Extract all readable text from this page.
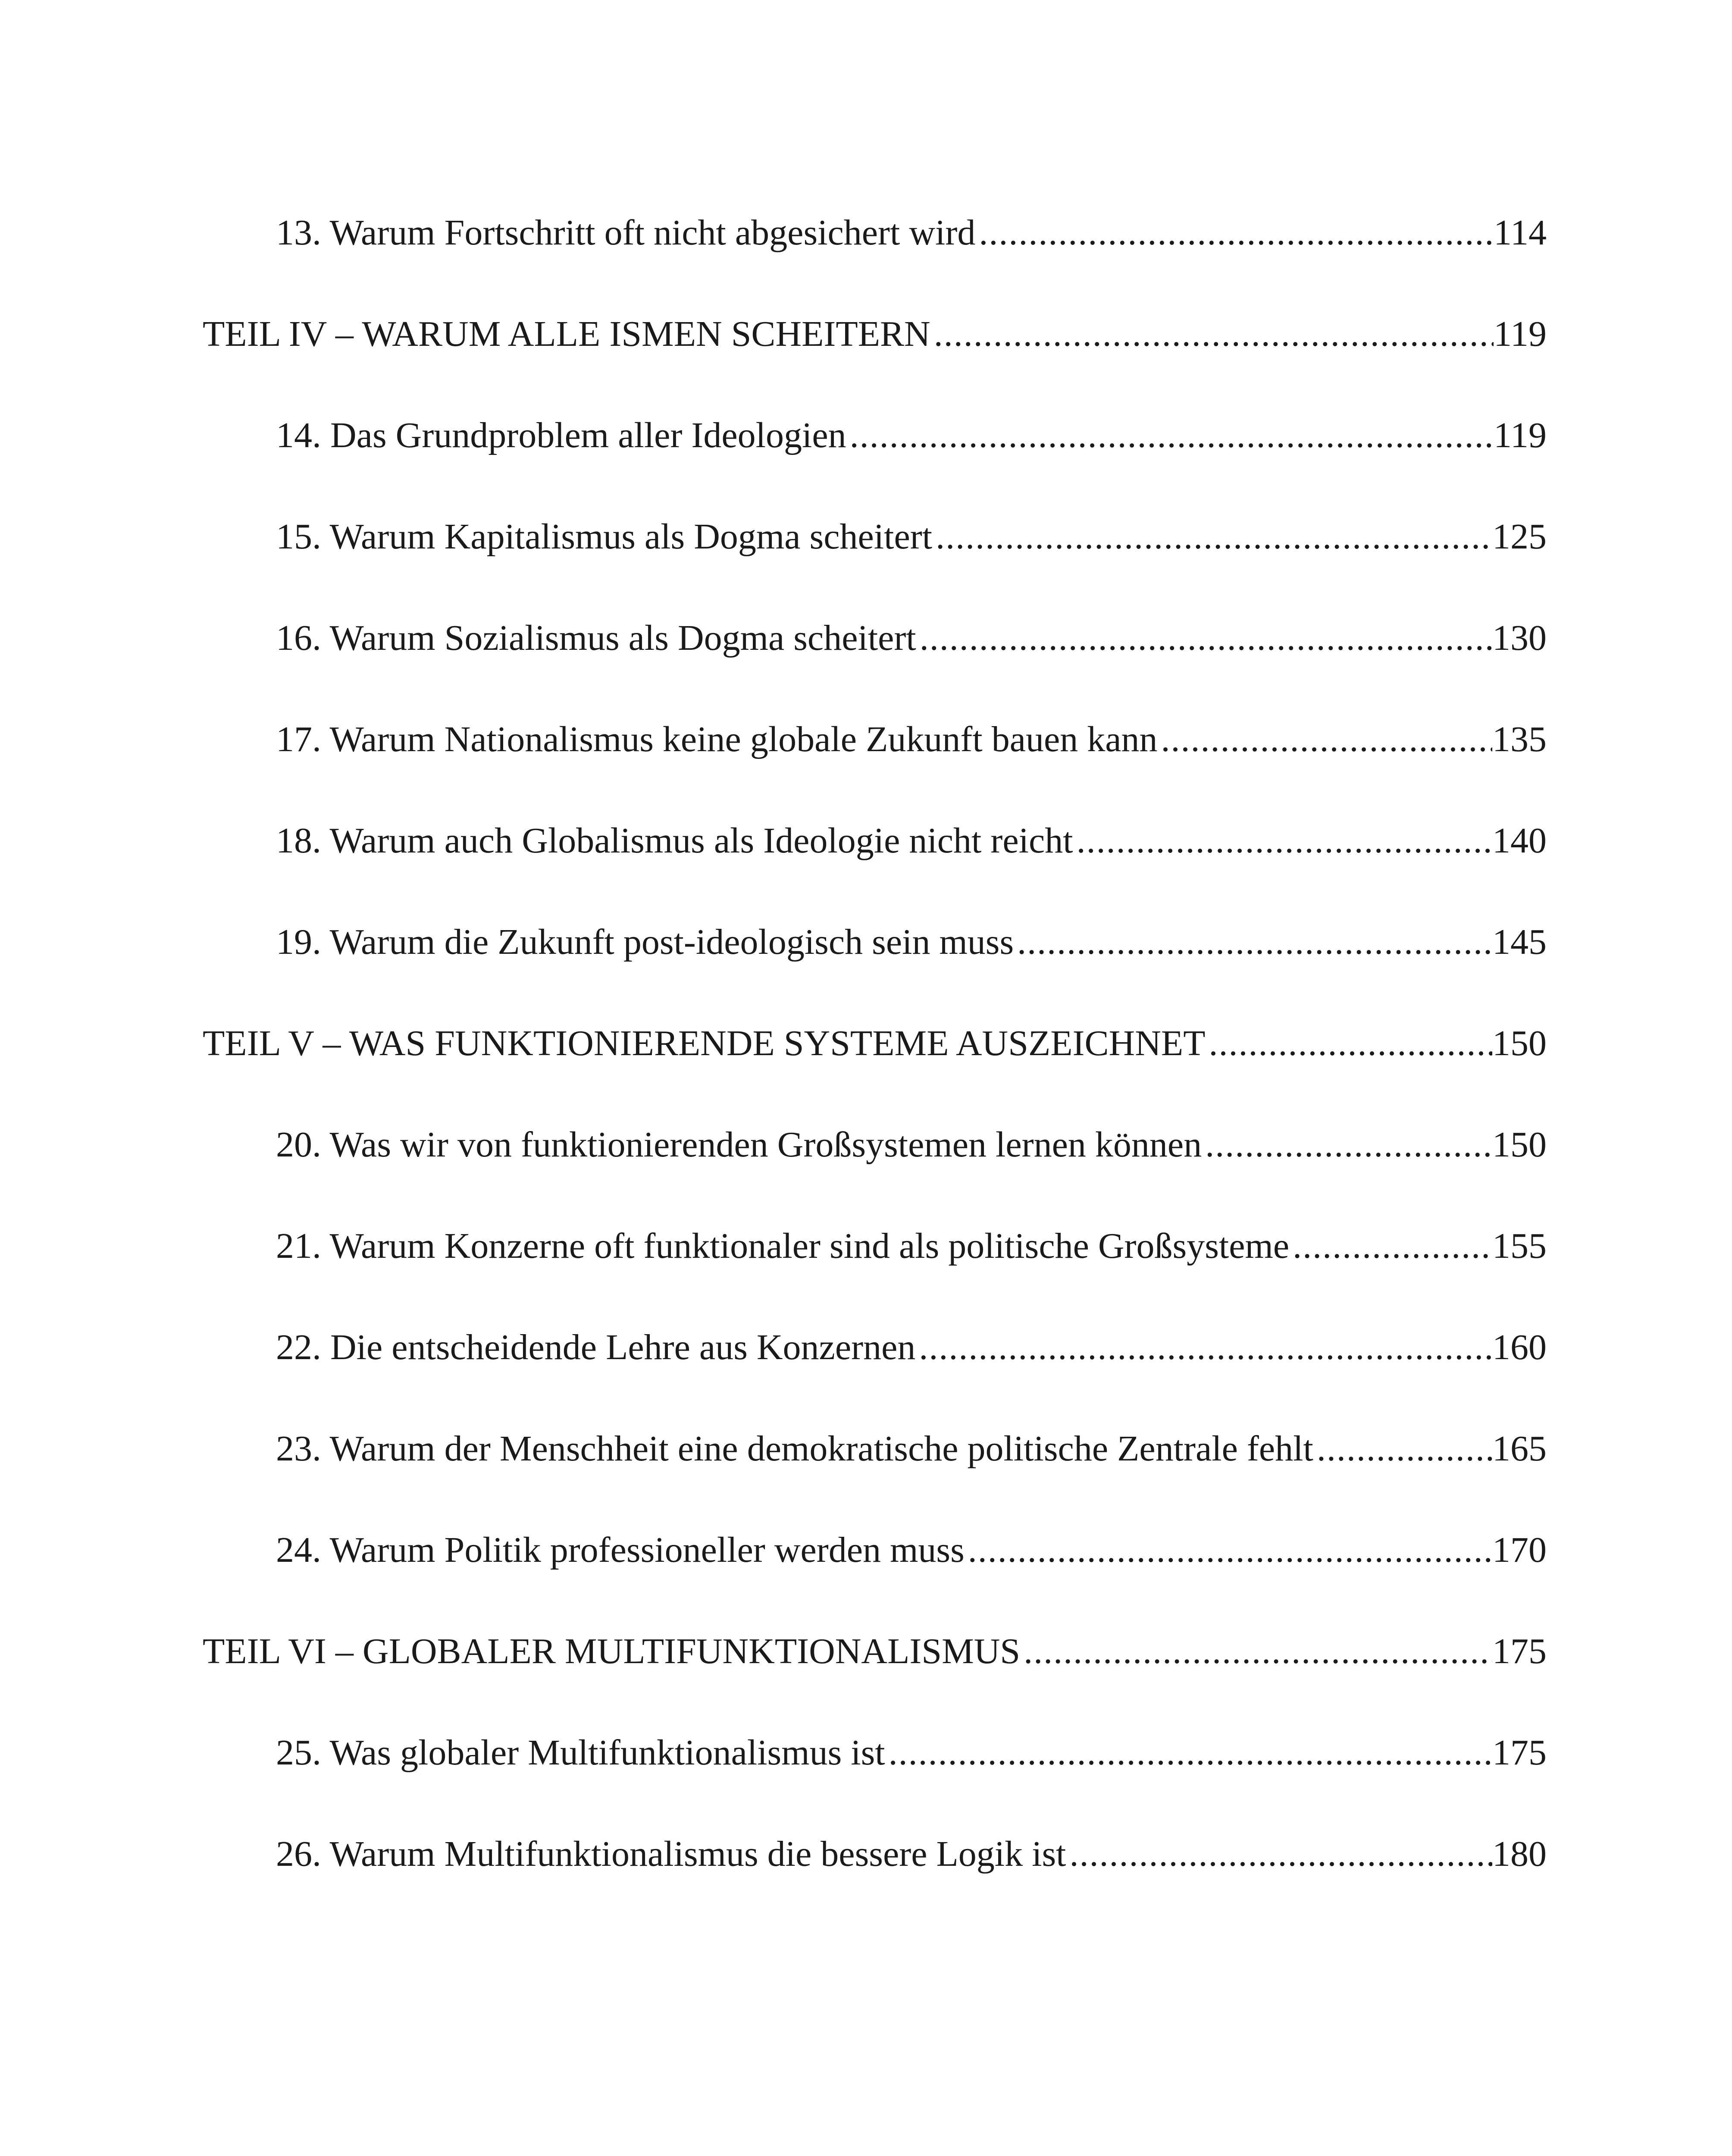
13. Warum Fortschritt oft nicht abgesichert wird .....	114
TEIL IV – WARUM ALLE ISMEN SCHEITERN .....	119
14. Das Grundproblem aller Ideologien .....	119
15. Warum Kapitalismus als Dogma scheitert .....	125
16. Warum Sozialismus als Dogma scheitert .....	130
17. Warum Nationalismus keine globale Zukunft bauen kann .....	135
18. Warum auch Globalismus als Ideologie nicht reicht .....	140
19. Warum die Zukunft post-ideologisch sein muss .....	145
TEIL V – WAS FUNKTIONIERENDE SYSTEME AUSZEICHNET .....	150
20. Was wir von funktionierenden Großsystemen lernen können .....	150
21. Warum Konzerne oft funktionaler sind als politische Großsysteme .....	155
22. Die entscheidende Lehre aus Konzernen .....	160
23. Warum der Menschheit eine demokratische politische Zentrale fehlt .....	165
24. Warum Politik professioneller werden muss .....	170
TEIL VI – GLOBALER MULTIFUNKTIONALISMUS .....	175
25. Was globaler Multifunktionalismus ist .....	175
26. Warum Multifunktionalismus die bessere Logik ist .....	180
